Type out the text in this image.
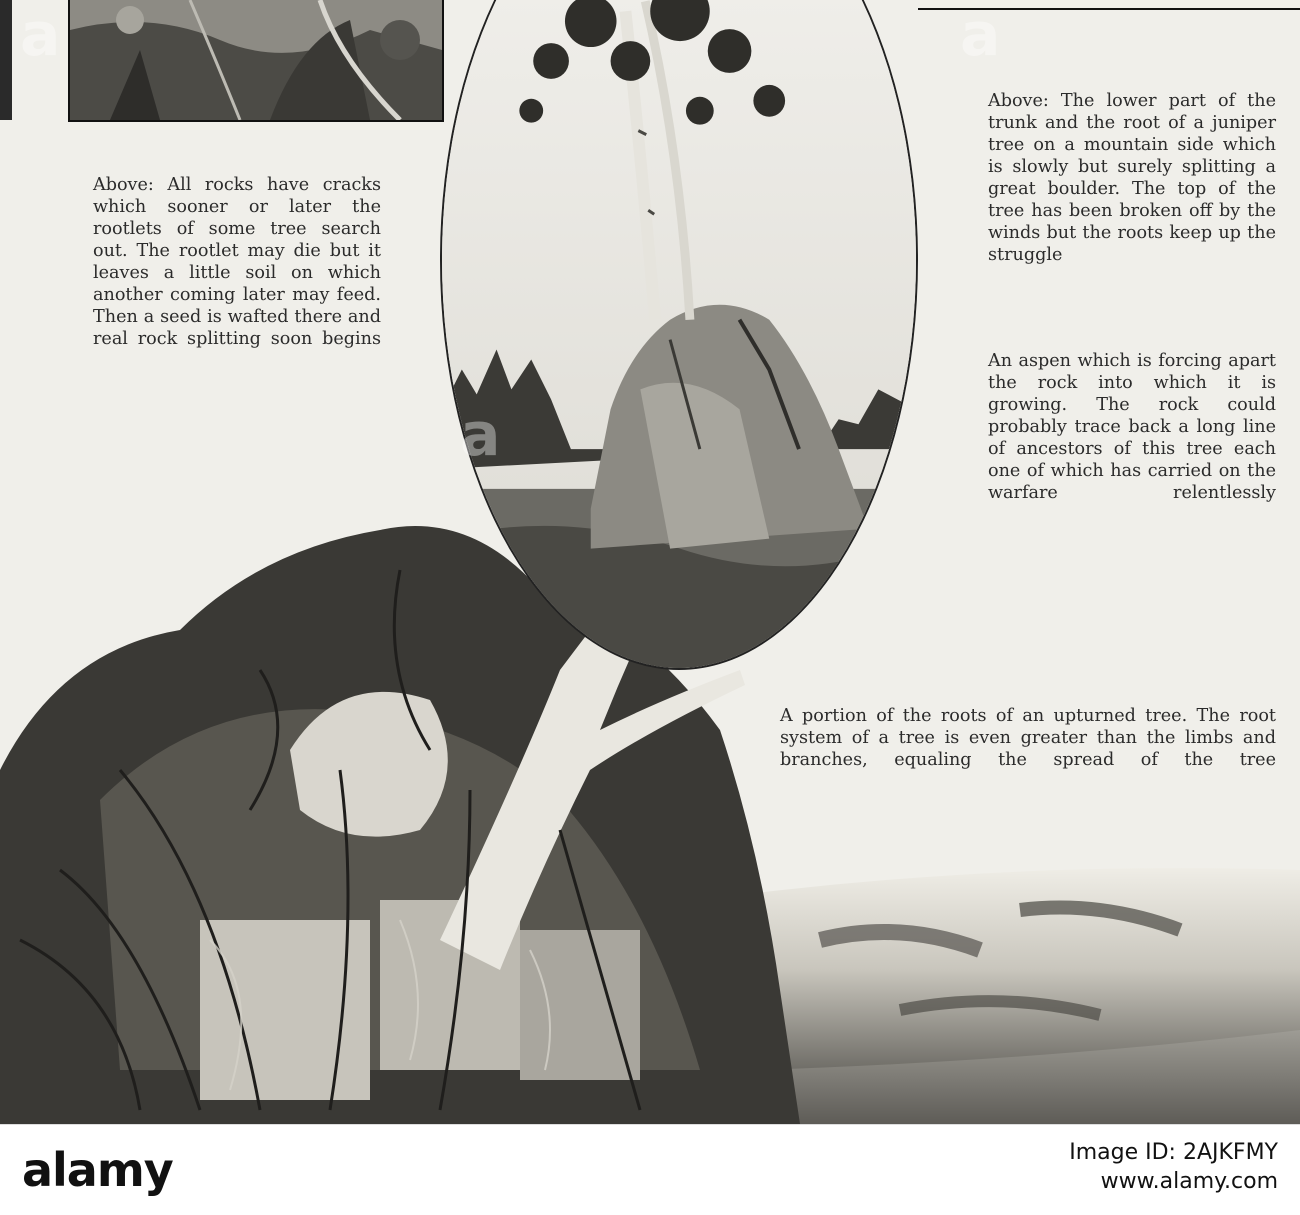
Above: All rocks have cracks which sooner or later the rootlets of some tree search out. The rootlet may die but it leaves a little soil on which another coming later may feed. Then a seed is wafted there and real rock splitting soon begins
Above: The lower part of the trunk and the root of a juniper tree on a mountain side which is slowly but surely splitting a great boulder. The top of the tree has been broken off by the winds but the roots keep up the struggle
An aspen which is forcing apart the rock into which it is growing. The rock could probably trace back a long line of ancestors of this tree each one of which has carried on the warfare relentlessly
A portion of the roots of an upturned tree. The root system of a tree is even greater than the limbs and branches, equaling the spread of the tree
a
a
a
alamy	Image ID: 2AJKFMY
www.alamy.com
